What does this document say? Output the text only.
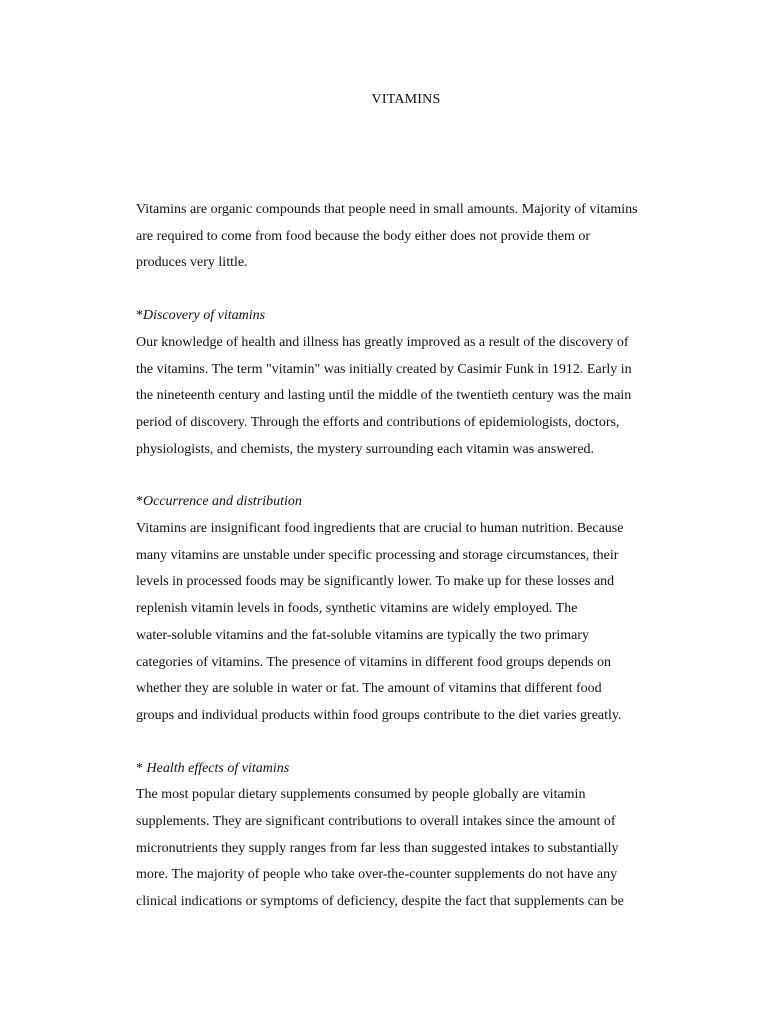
VITAMINS

Vitamins are organic compounds that people need in small amounts. Majority of vitamins
are required to come from food because the body either does not provide them or
produces very little.

*Discovery of vitamins

Our knowledge of health and illness has greatly improved as a result of the discovery of
the vitamins. The term "vitamin" was initially created by Casimir Funk in 1912. Early in
the nineteenth century and lasting until the middle of the twentieth century was the main
period of discovery. Through the efforts and contributions of epidemiologists, doctors,
physiologists, and chemists, the mystery surrounding each vitamin was answered.

*Occurrence and distribution

Vitamins are insignificant food ingredients that are crucial to human nutrition. Because
many vitamins are unstable under specific processing and storage circumstances, their
levels in processed foods may be significantly lower. To make up for these losses and
replenish vitamin levels in foods, synthetic vitamins are widely employed. The
water-soluble vitamins and the fat-soluble vitamins are typically the two primary
categories of vitamins. The presence of vitamins in different food groups depends on
whether they are soluble in water or fat. The amount of vitamins that different food
groups and individual products within food groups contribute to the diet varies greatly.

* Health effects of vitamins

The most popular dietary supplements consumed by people globally are vitamin
supplements. They are significant contributions to overall intakes since the amount of
micronutrients they supply ranges from far less than suggested intakes to substantially
more. The majority of people who take over-the-counter supplements do not have any
clinical indications or symptoms of deficiency, despite the fact that supplements can be
